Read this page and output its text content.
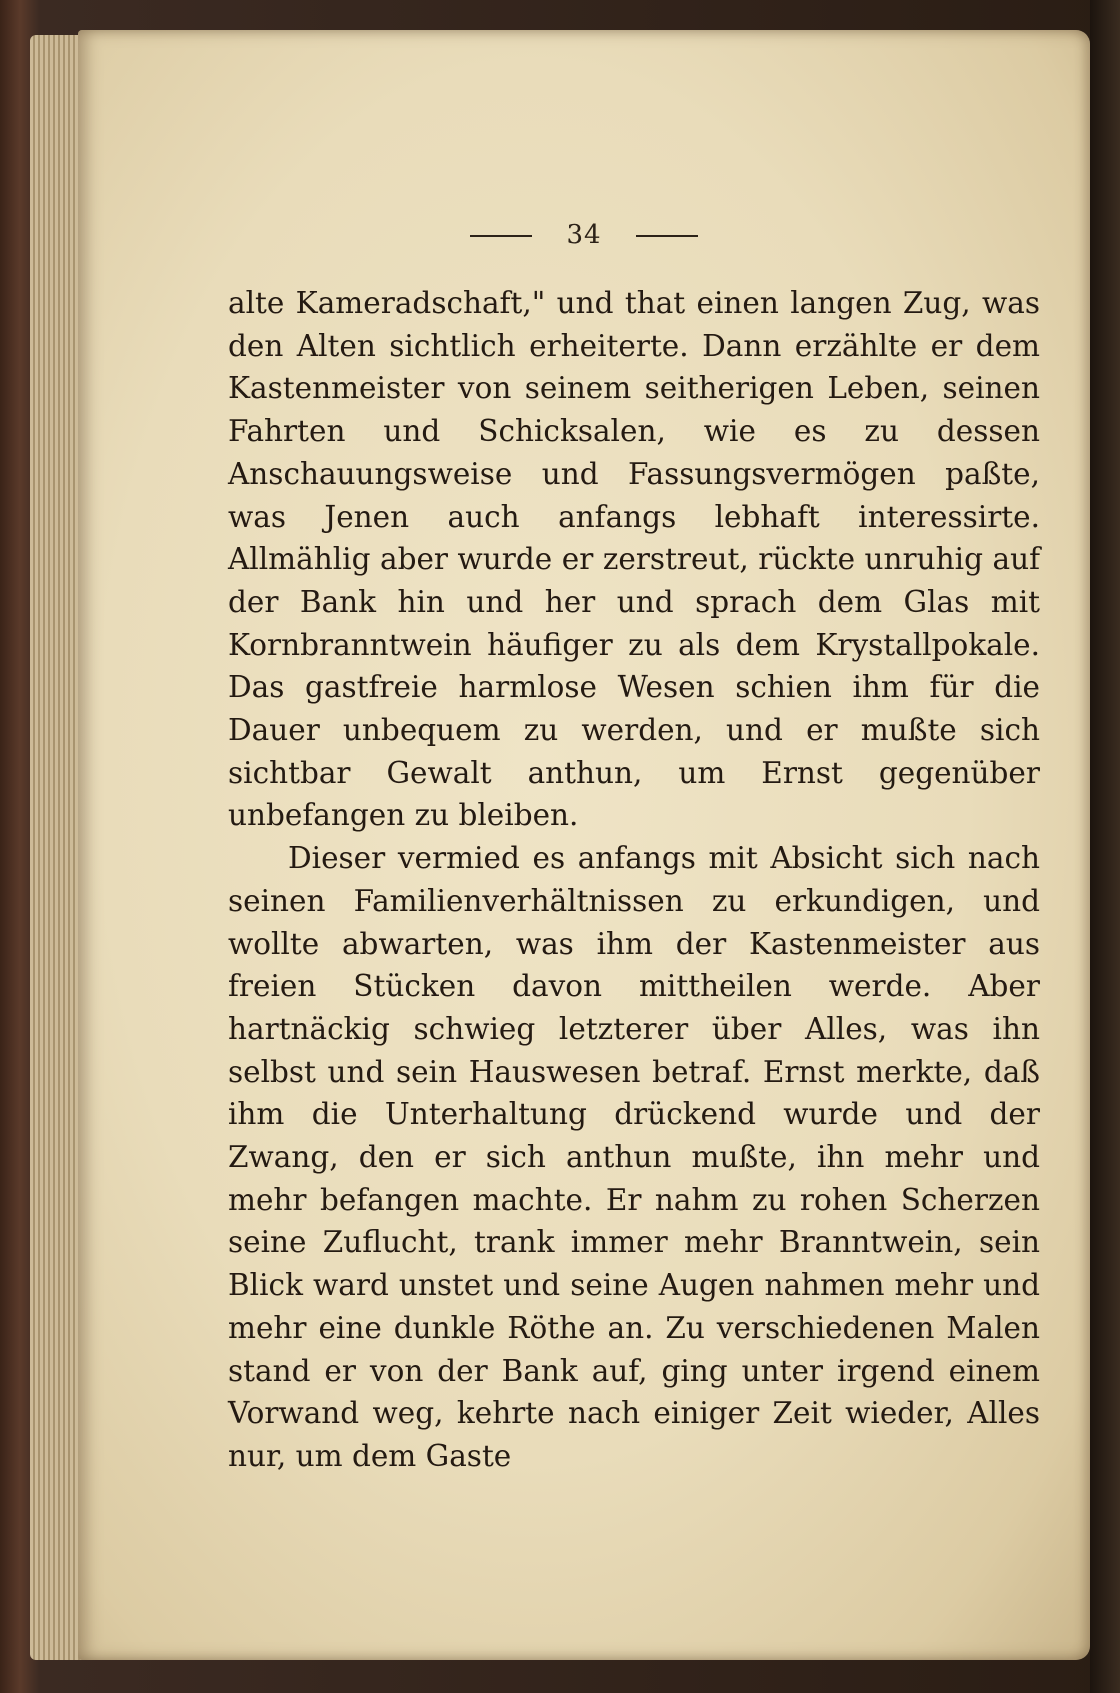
34

alte Kameradschaft," und that einen langen Zug, was den Alten sichtlich erheiterte. Dann erzählte er dem Kastenmeister von seinem seitherigen Leben, seinen Fahrten und Schicksalen, wie es zu dessen Anschauungsweise und Fassungsvermögen paßte, was Jenen auch anfangs lebhaft interessirte. Allmählig aber wurde er zerstreut, rückte unruhig auf der Bank hin und her und sprach dem Glas mit Kornbranntwein häufiger zu als dem Krystallpokale. Das gastfreie harmlose Wesen schien ihm für die Dauer unbequem zu werden, und er mußte sich sichtbar Gewalt anthun, um Ernst gegenüber unbefangen zu bleiben.

Dieser vermied es anfangs mit Absicht sich nach seinen Familienverhältnissen zu erkundigen, und wollte abwarten, was ihm der Kastenmeister aus freien Stücken davon mittheilen werde. Aber hartnäckig schwieg letzterer über Alles, was ihn selbst und sein Hauswesen betraf. Ernst merkte, daß ihm die Unterhaltung drückend wurde und der Zwang, den er sich anthun mußte, ihn mehr und mehr befangen machte. Er nahm zu rohen Scherzen seine Zuflucht, trank immer mehr Branntwein, sein Blick ward unstet und seine Augen nahmen mehr und mehr eine dunkle Röthe an. Zu verschiedenen Malen stand er von der Bank auf, ging unter irgend einem Vorwand weg, kehrte nach einiger Zeit wieder, Alles nur, um dem Gaste
